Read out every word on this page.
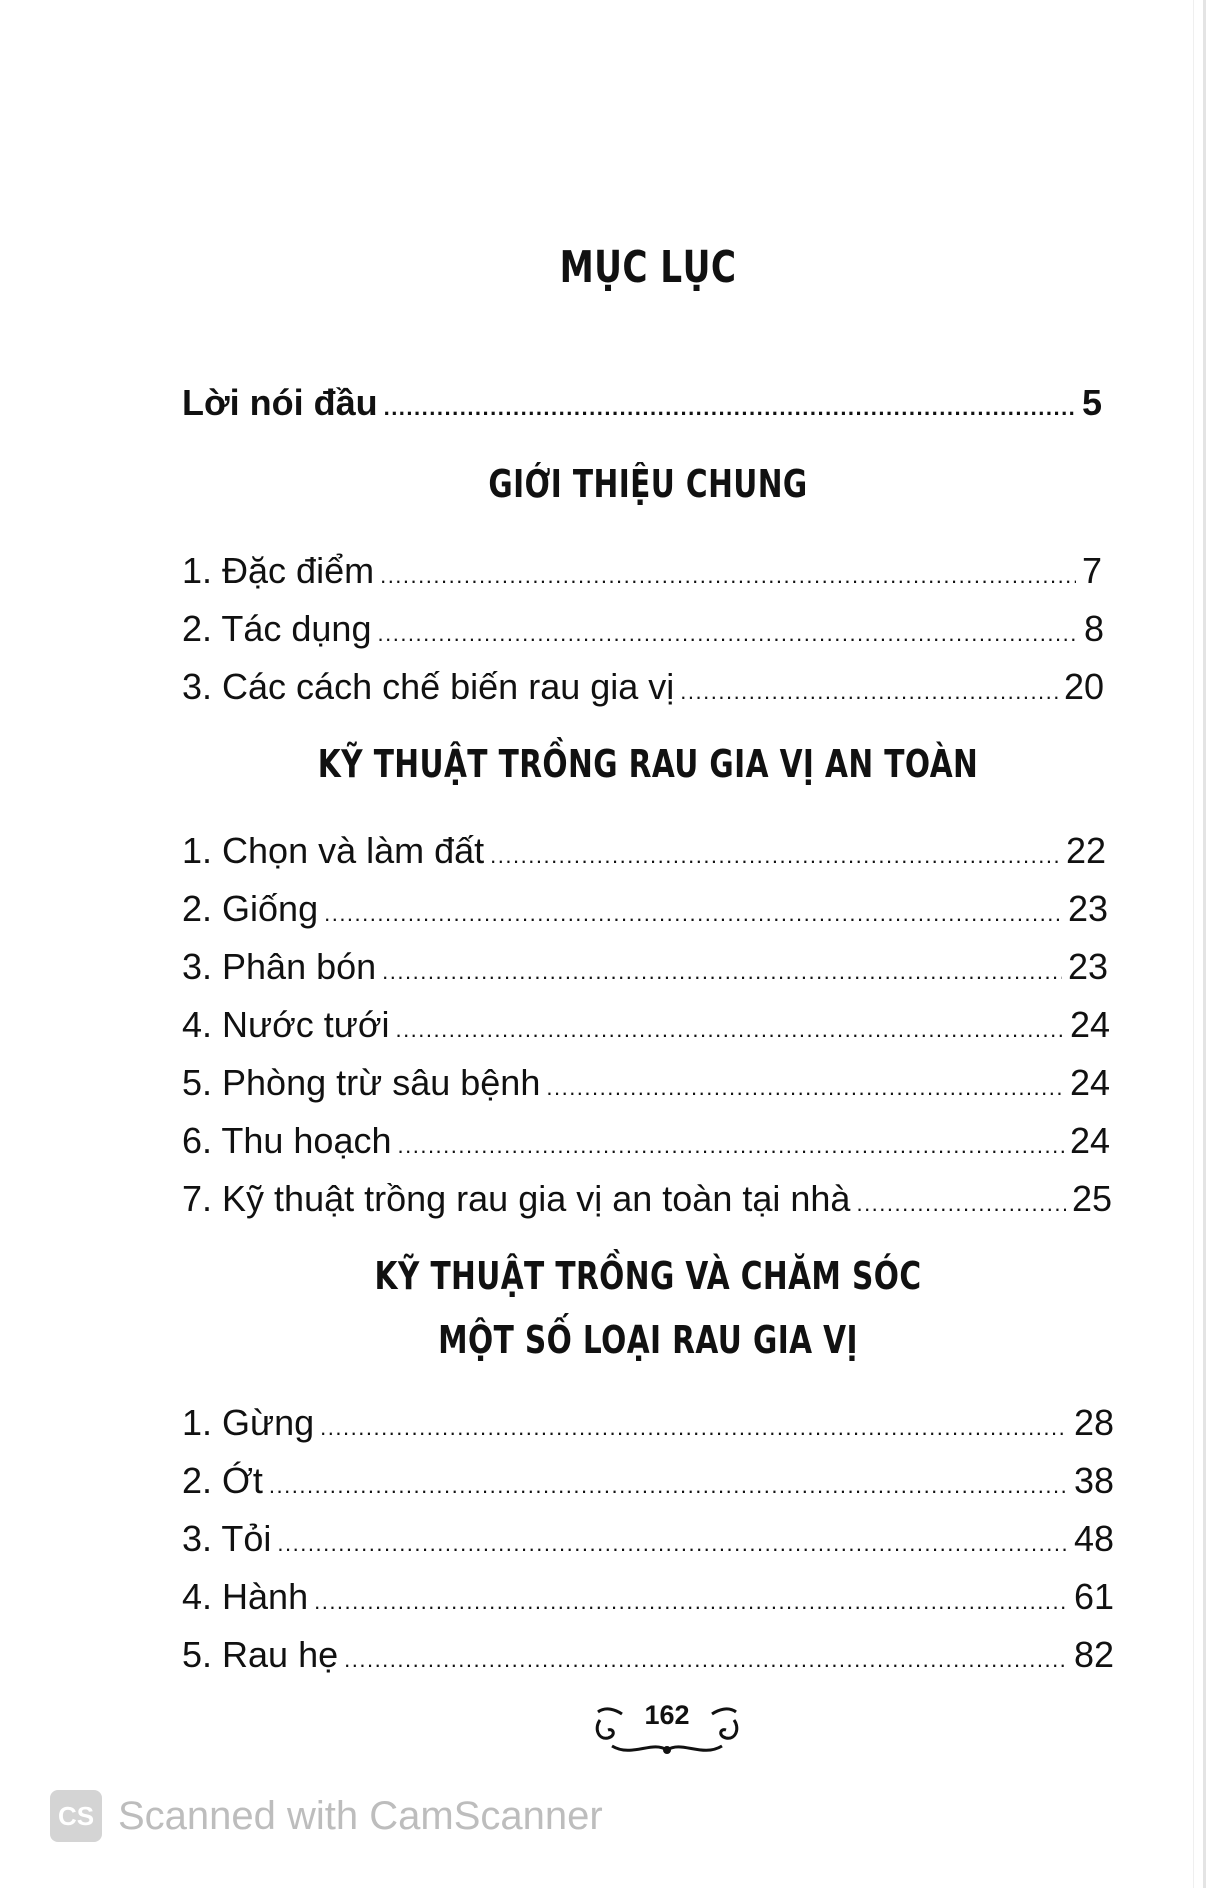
MỤC LỤC
Lời nói đầu .....	5
GIỚI THIỆU CHUNG
1. Đặc điểm .....	7
2. Tác dụng .....	8
3. Các cách chế biến rau gia vị .....	20
KỸ THUẬT TRỒNG RAU GIA VỊ AN TOÀN
1. Chọn và làm đất .....	22
2. Giống .....	23
3. Phân bón .....	23
4. Nước tưới .....	24
5. Phòng trừ sâu bệnh .....	24
6. Thu hoạch .....	24
7. Kỹ thuật trồng rau gia vị an toàn tại nhà .....	25
KỸ THUẬT TRỒNG VÀ CHĂM SÓC
MỘT SỐ LOẠI RAU GIA VỊ
1. Gừng .....	28
2. Ớt .....	38
3. Tỏi .....	48
4. Hành .....	61
5. Rau hẹ .....	82
162
CS Scanned with CamScanner
